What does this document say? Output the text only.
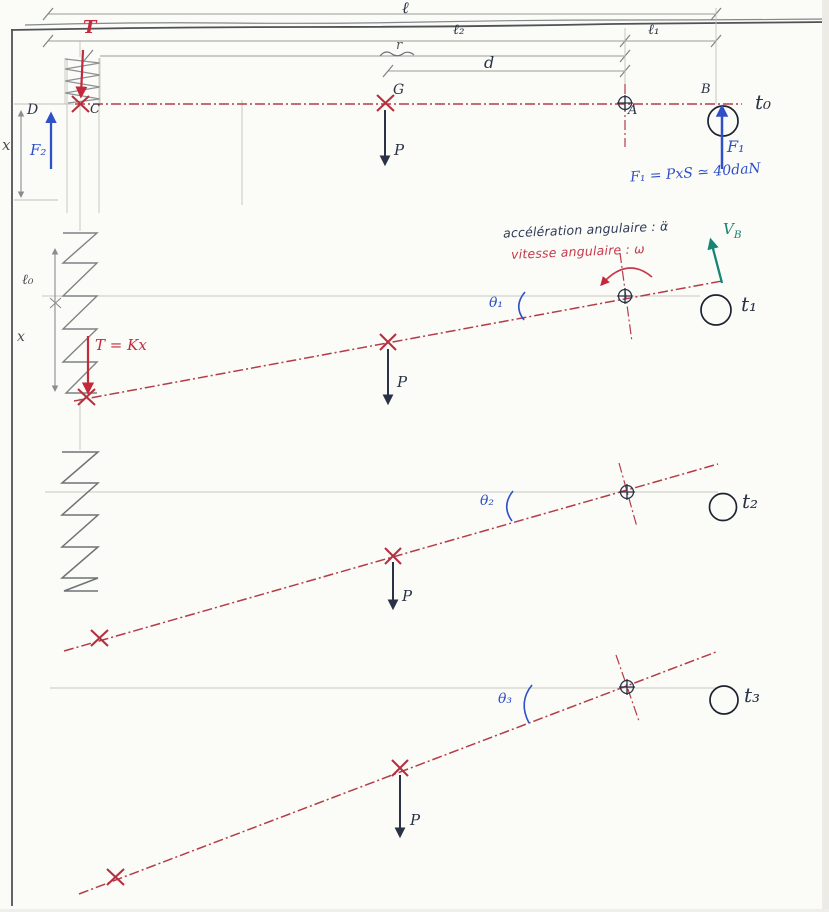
ℓ
ℓ₂	ℓ₁
r
d
D
x F₂
T
C
G
P
A
B
F₁
t₀
F₁ = PxS ≃ 40daN
ℓ₀
x	T = Kx
accélération angulaire : α̈
vitesse angulaire : ω
θ₁
$V_B$
P
t₁
θ₂
P
t₂
θ₃
P
t₃
